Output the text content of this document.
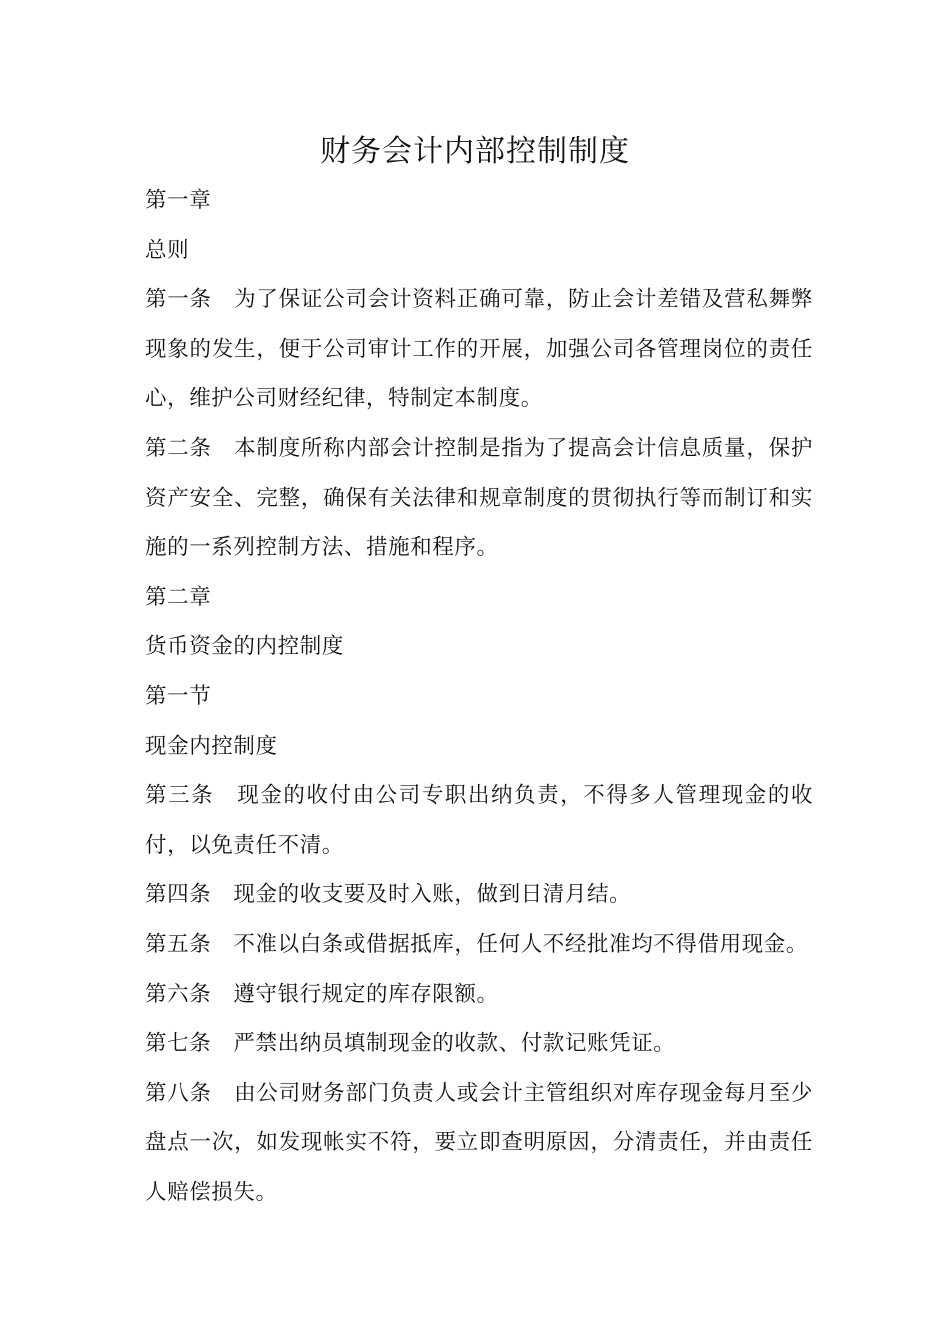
财务会计内部控制制度

第一章

总则

第一条　为了保证公司会计资料正确可靠，防止会计差错及营私舞弊现象的发生，便于公司审计工作的开展，加强公司各管理岗位的责任心，维护公司财经纪律，特制定本制度。

第二条　本制度所称内部会计控制是指为了提高会计信息质量，保护资产安全、完整，确保有关法律和规章制度的贯彻执行等而制订和实施的一系列控制方法、措施和程序。

第二章

货币资金的内控制度

第一节

现金内控制度

第三条　现金的收付由公司专职出纳负责，不得多人管理现金的收付，以免责任不清。

第四条　现金的收支要及时入账，做到日清月结。

第五条　不准以白条或借据抵库，任何人不经批准均不得借用现金。

第六条　遵守银行规定的库存限额。

第七条　严禁出纳员填制现金的收款、付款记账凭证。

第八条　由公司财务部门负责人或会计主管组织对库存现金每月至少盘点一次，如发现帐实不符，要立即查明原因，分清责任，并由责任人赔偿损失。
